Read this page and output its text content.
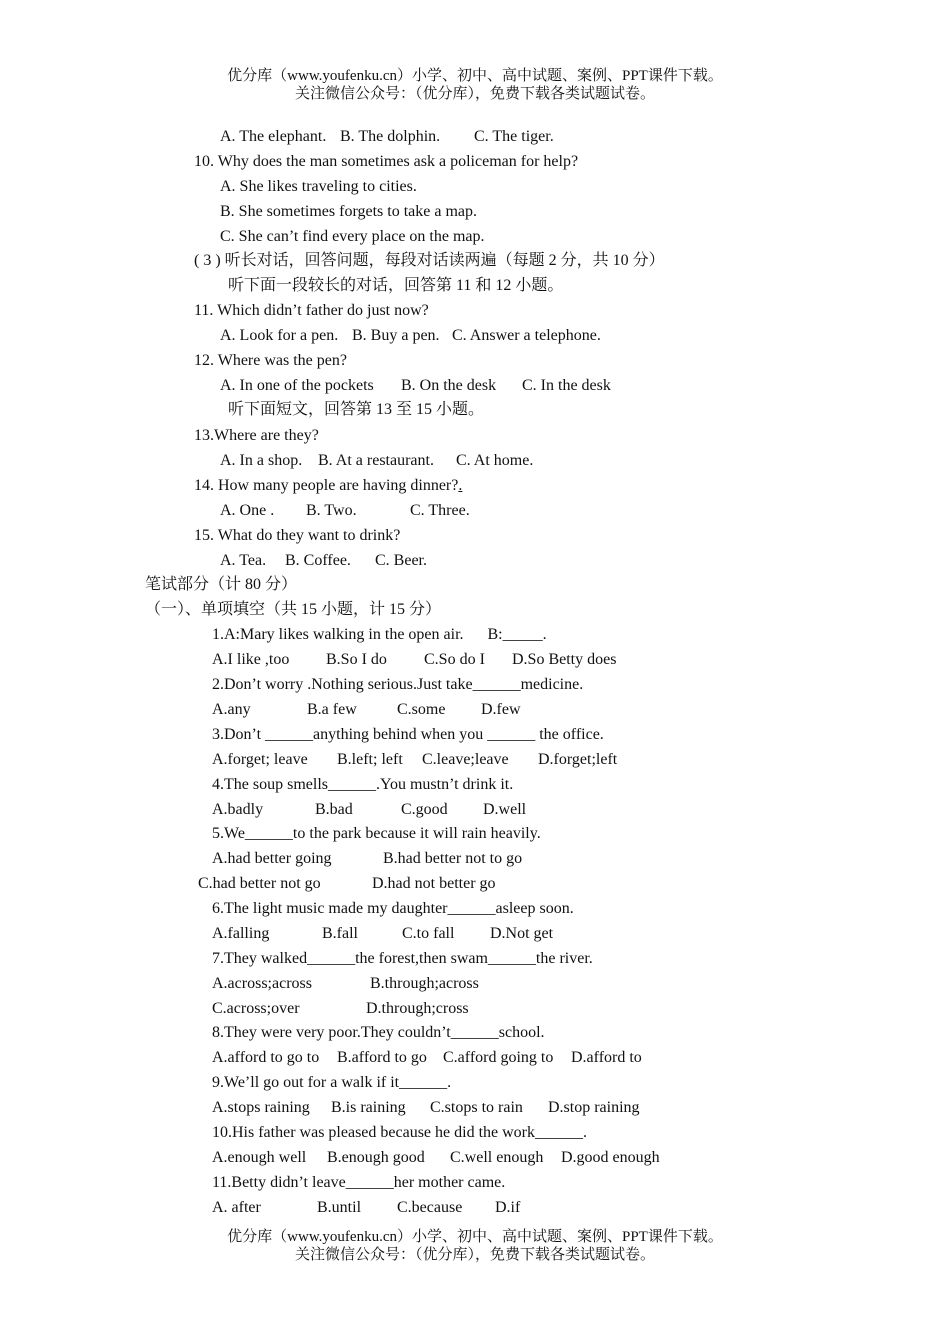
优分库（www.youfenku.cn）小学、初中、高中试题、案例、PPT课件下载。
关注微信公众号：（优分库），免费下载各类试题试卷。
A. The elephant. B. The dolphin. C. The tiger.
10. Why does the man sometimes ask a policeman for help?
A. She likes traveling to cities.
B. She sometimes forgets to take a map.
C. She can’t find every place on the map.
( 3 ) 听长对话，回答问题，每段对话读两遍（每题 2 分，共 10 分）
听下面一段较长的对话，回答第 11 和 12 小题。
11. Which didn’t father do just now?
A. Look for a pen. B. Buy a pen. C. Answer a telephone.
12. Where was the pen?
A. In one of the pockets B. On the desk C. In the desk
听下面短文，回答第 13 至 15 小题。
13.Where are they?
A. In a shop. B. At a restaurant. C. At home.
14. How many people are having dinner?.
A. One . B. Two.	C. Three.
15. What do they want to drink?
A. Tea. B. Coffee. C. Beer.
笔试部分（计 80 分）
（一）、单项填空（共 15 小题，计 15 分）
1.A:Mary likes walking in the open air.      B:_____.
A.I like ,too B.So I do C.So do I D.So Betty does
2.Don’t worry .Nothing serious.Just take______medicine.
A.any	B.a few	C.some D.few
3.Don’t ______anything behind when you ______ the office.
A.forget; leave B.left; left C.leave;leave D.forget;left
4.The soup smells______.You mustn’t drink it.
A.badly	B.bad	C.good D.well
5.We______to the park because it will rain heavily.
A.had better going	B.had better not to go
C.had better not go	D.had not better go
6.The light music made my daughter______asleep soon.
A.falling	B.fall	C.to fall D.Not get
7.They walked______the forest,then swam______the river.
A.across;across	B.through;across
C.across;over	D.through;cross
8.They were very poor.They couldn’t______school.
A.afford to go to B.afford to go C.afford going to D.afford to
9.We’ll go out for a walk if it______.
A.stops raining B.is raining C.stops to rain D.stop raining
10.His father was pleased because he did the work______.
A.enough well B.enough good C.well enough D.good enough
11.Betty didn’t leave______her mother came.
A. after	B.until C.because D.if
优分库（www.youfenku.cn）小学、初中、高中试题、案例、PPT课件下载。
关注微信公众号：（优分库），免费下载各类试题试卷。
